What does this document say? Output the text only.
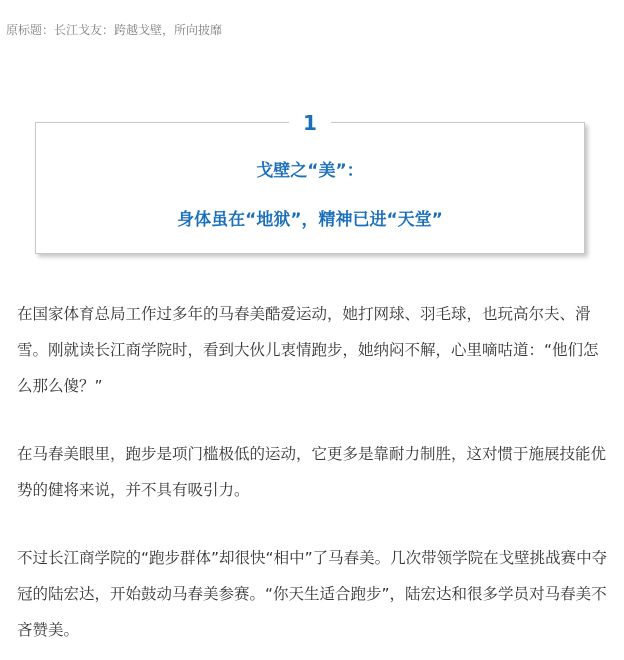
原标题：长江戈友：跨越戈壁，所向披靡
1
戈壁之“美”：
身体虽在“地狱”，精神已进“天堂”

在国家体育总局工作过多年的马春美酷爱运动，她打网球、羽毛球，也玩高尔夫、滑雪。刚就读长江商学院时，看到大伙儿衷情跑步，她纳闷不解，心里嘀咕道：“他们怎么那么傻？”

在马春美眼里，跑步是项门槛极低的运动，它更多是靠耐力制胜，这对惯于施展技能优势的健将来说，并不具有吸引力。

不过长江商学院的“跑步群体”却很快“相中”了马春美。几次带领学院在戈壁挑战赛中夺冠的陆宏达，开始鼓动马春美参赛。“你天生适合跑步”，陆宏达和很多学员对马春美不吝赞美。
